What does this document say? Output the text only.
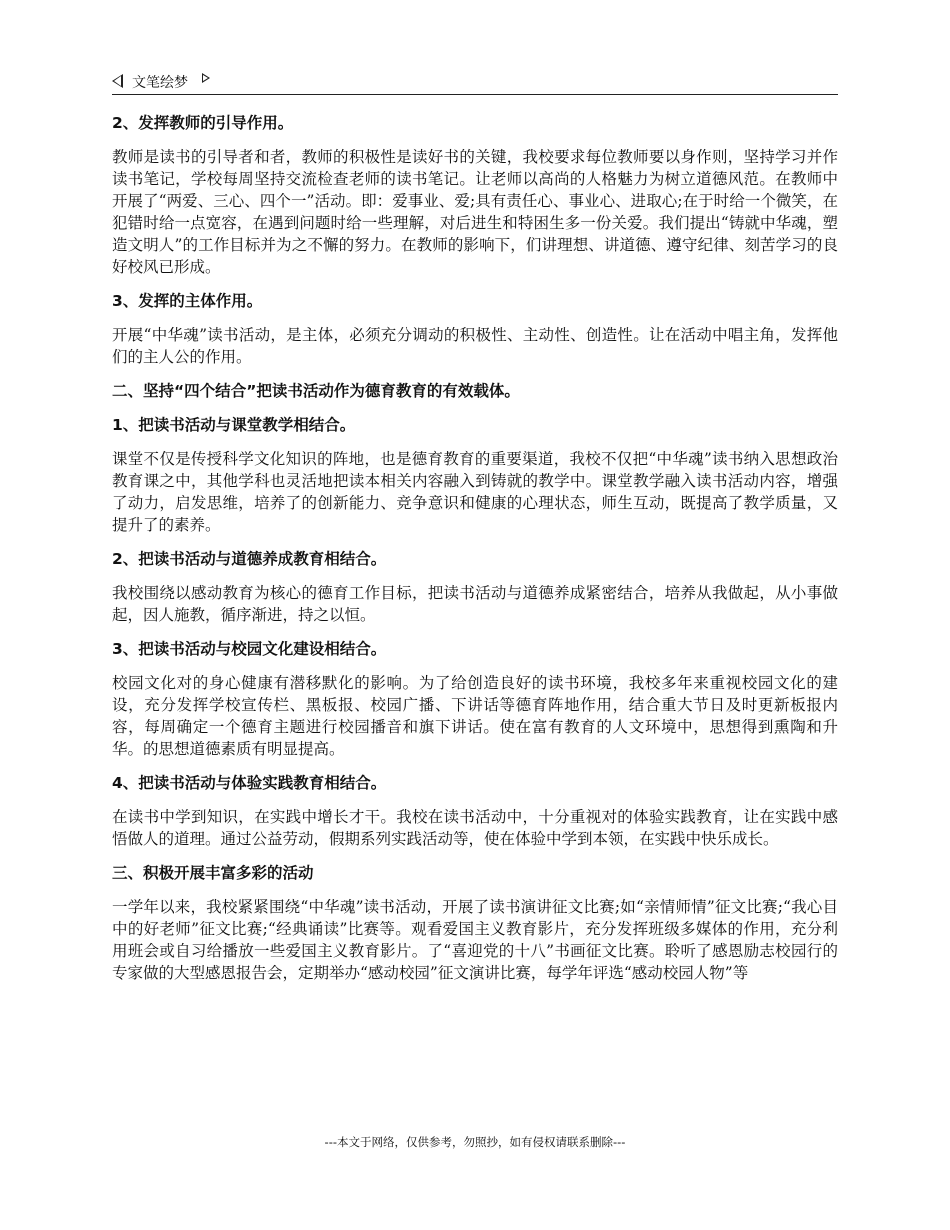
文笔绘梦
2、发挥教师的引导作用。
教师是读书的引导者和者，教师的积极性是读好书的关键，我校要求每位教师要以身作则，坚持学习并作读书笔记，学校每周坚持交流检查老师的读书笔记。让老师以高尚的人格魅力为树立道德风范。在教师中开展了“两爱、三心、四个一”活动。即：爱事业、爱;具有责任心、事业心、进取心;在于时给一个微笑，在犯错时给一点宽容，在遇到问题时给一些理解，对后进生和特困生多一份关爱。我们提出“铸就中华魂，塑造文明人”的工作目标并为之不懈的努力。在教师的影响下，们讲理想、讲道德、遵守纪律、刻苦学习的良好校风已形成。
3、发挥的主体作用。
开展“中华魂”读书活动，是主体，必须充分调动的积极性、主动性、创造性。让在活动中唱主角，发挥他们的主人公的作用。
二、坚持“四个结合”把读书活动作为德育教育的有效载体。
1、把读书活动与课堂教学相结合。
课堂不仅是传授科学文化知识的阵地，也是德育教育的重要渠道，我校不仅把“中华魂”读书纳入思想政治教育课之中，其他学科也灵活地把读本相关内容融入到铸就的教学中。课堂教学融入读书活动内容，增强了动力，启发思维，培养了的创新能力、竞争意识和健康的心理状态，师生互动，既提高了教学质量，又提升了的素养。
2、把读书活动与道德养成教育相结合。
我校围绕以感动教育为核心的德育工作目标，把读书活动与道德养成紧密结合，培养从我做起，从小事做起，因人施教，循序渐进，持之以恒。
3、把读书活动与校园文化建设相结合。
校园文化对的身心健康有潜移默化的影响。为了给创造良好的读书环境，我校多年来重视校园文化的建设，充分发挥学校宣传栏、黑板报、校园广播、下讲话等德育阵地作用，结合重大节日及时更新板报内容，每周确定一个德育主题进行校园播音和旗下讲话。使在富有教育的人文环境中，思想得到熏陶和升华。的思想道德素质有明显提高。
4、把读书活动与体验实践教育相结合。
在读书中学到知识，在实践中增长才干。我校在读书活动中，十分重视对的体验实践教育，让在实践中感悟做人的道理。通过公益劳动，假期系列实践活动等，使在体验中学到本领，在实践中快乐成长。
三、积极开展丰富多彩的活动
一学年以来，我校紧紧围绕“中华魂”读书活动，开展了读书演讲征文比赛;如“亲情师情”征文比赛;“我心目中的好老师”征文比赛;“经典诵读”比赛等。观看爱国主义教育影片，充分发挥班级多媒体的作用，充分利用班会或自习给播放一些爱国主义教育影片。了“喜迎党的十八”书画征文比赛。聆听了感恩励志校园行的专家做的大型感恩报告会，定期举办“感动校园”征文演讲比赛，每学年评选“感动校园人物”等
---本文于网络，仅供参考，勿照抄，如有侵权请联系删除---
